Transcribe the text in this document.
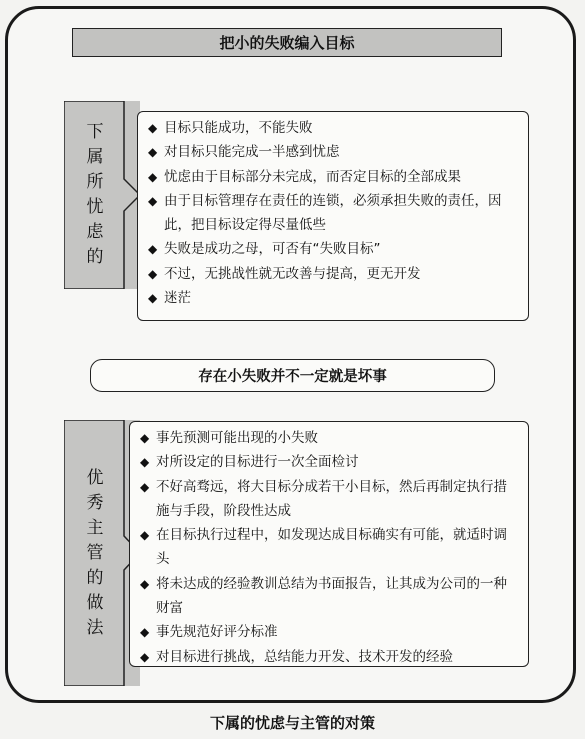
把小的失败编入目标
下
属
所
忧
虑
的
◆ 目标只能成功，不能失败
◆ 对目标只能完成一半感到忧虑
◆ 忧虑由于目标部分未完成，而否定目标的全部成果
◆ 由于目标管理存在责任的连锁，必须承担失败的责任，因此，把目标设定得尽量低些
◆ 失败是成功之母，可否有“失败目标”
◆ 不过，无挑战性就无改善与提高，更无开发
◆ 迷茫
存在小失败并不一定就是坏事
优
秀
主
管
的
做
法
◆ 事先预测可能出现的小失败
◆ 对所设定的目标进行一次全面检讨
◆ 不好高骛远，将大目标分成若干小目标，然后再制定执行措施与手段，阶段性达成
◆ 在目标执行过程中，如发现达成目标确实有可能，就适时调头
◆ 将未达成的经验教训总结为书面报告，让其成为公司的一种财富
◆ 事先规范好评分标准
◆ 对目标进行挑战，总结能力开发、技术开发的经验
下属的忧虑与主管的对策
